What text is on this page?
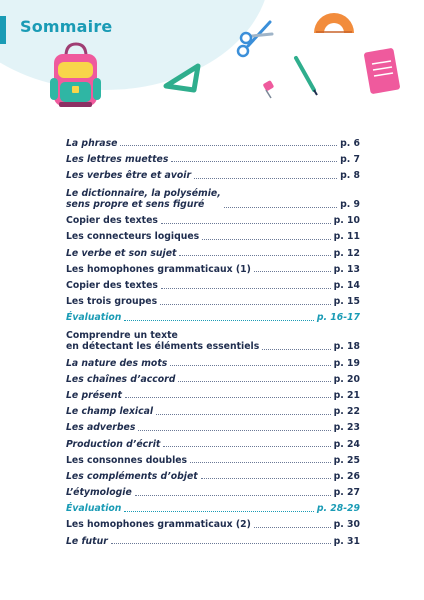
Sommaire
La phrase	p. 6
Les lettres muettes	p. 7
Les verbes être et avoir	p. 8
Le dictionnaire, la polysémie,
sens propre et sens figuré	p. 9
Copier des textes	p. 10
Les connecteurs logiques	p. 11
Le verbe et son sujet	p. 12
Les homophones grammaticaux (1)	p. 13
Copier des textes	p. 14
Les trois groupes	p. 15
Évaluation	p. 16-17
Comprendre un texte
en détectant les éléments essentiels	p. 18
La nature des mots	p. 19
Les chaînes d’accord	p. 20
Le présent	p. 21
Le champ lexical	p. 22
Les adverbes	p. 23
Production d’écrit	p. 24
Les consonnes doubles	p. 25
Les compléments d’objet	p. 26
L’étymologie	p. 27
Évaluation	p. 28-29
Les homophones grammaticaux (2)	p. 30
Le futur	p. 31
